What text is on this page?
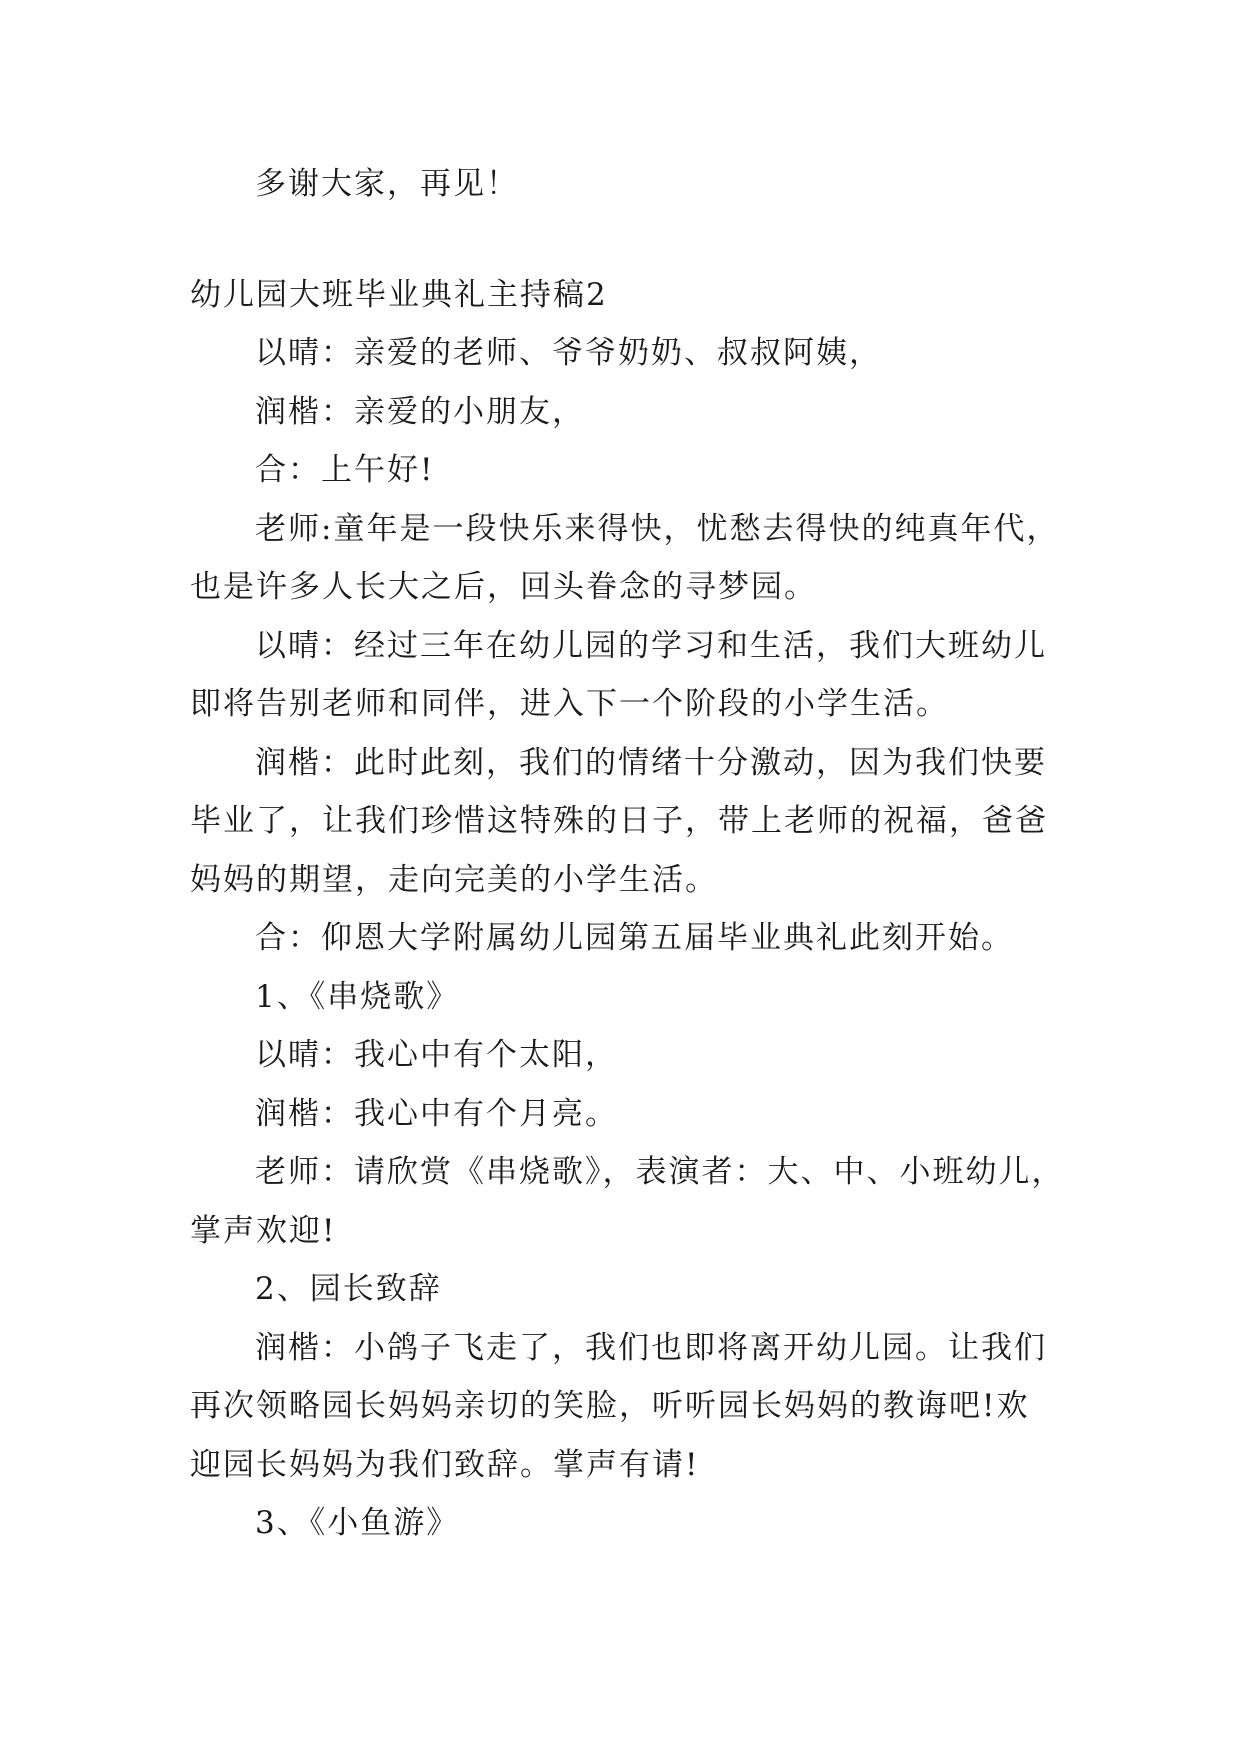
多谢大家，再见！
幼儿园大班毕业典礼主持稿2
以晴：亲爱的老师、爷爷奶奶、叔叔阿姨，
润楷：亲爱的小朋友，
合：上午好!
老师:童年是一段快乐来得快，忧愁去得快的纯真年代，
也是许多人长大之后，回头眷念的寻梦园。
以晴：经过三年在幼儿园的学习和生活，我们大班幼儿
即将告别老师和同伴，进入下一个阶段的小学生活。
润楷：此时此刻，我们的情绪十分激动，因为我们快要
毕业了，让我们珍惜这特殊的日子，带上老师的祝福，爸爸
妈妈的期望，走向完美的小学生活。
合：仰恩大学附属幼儿园第五届毕业典礼此刻开始。
1、《串烧歌》
以晴：我心中有个太阳，
润楷：我心中有个月亮。
老师：请欣赏《串烧歌》，表演者：大、中、小班幼儿，
掌声欢迎!
2、园长致辞
润楷：小鸽子飞走了，我们也即将离开幼儿园。让我们
再次领略园长妈妈亲切的笑脸，听听园长妈妈的教诲吧!欢
迎园长妈妈为我们致辞。掌声有请!
3、《小鱼游》
